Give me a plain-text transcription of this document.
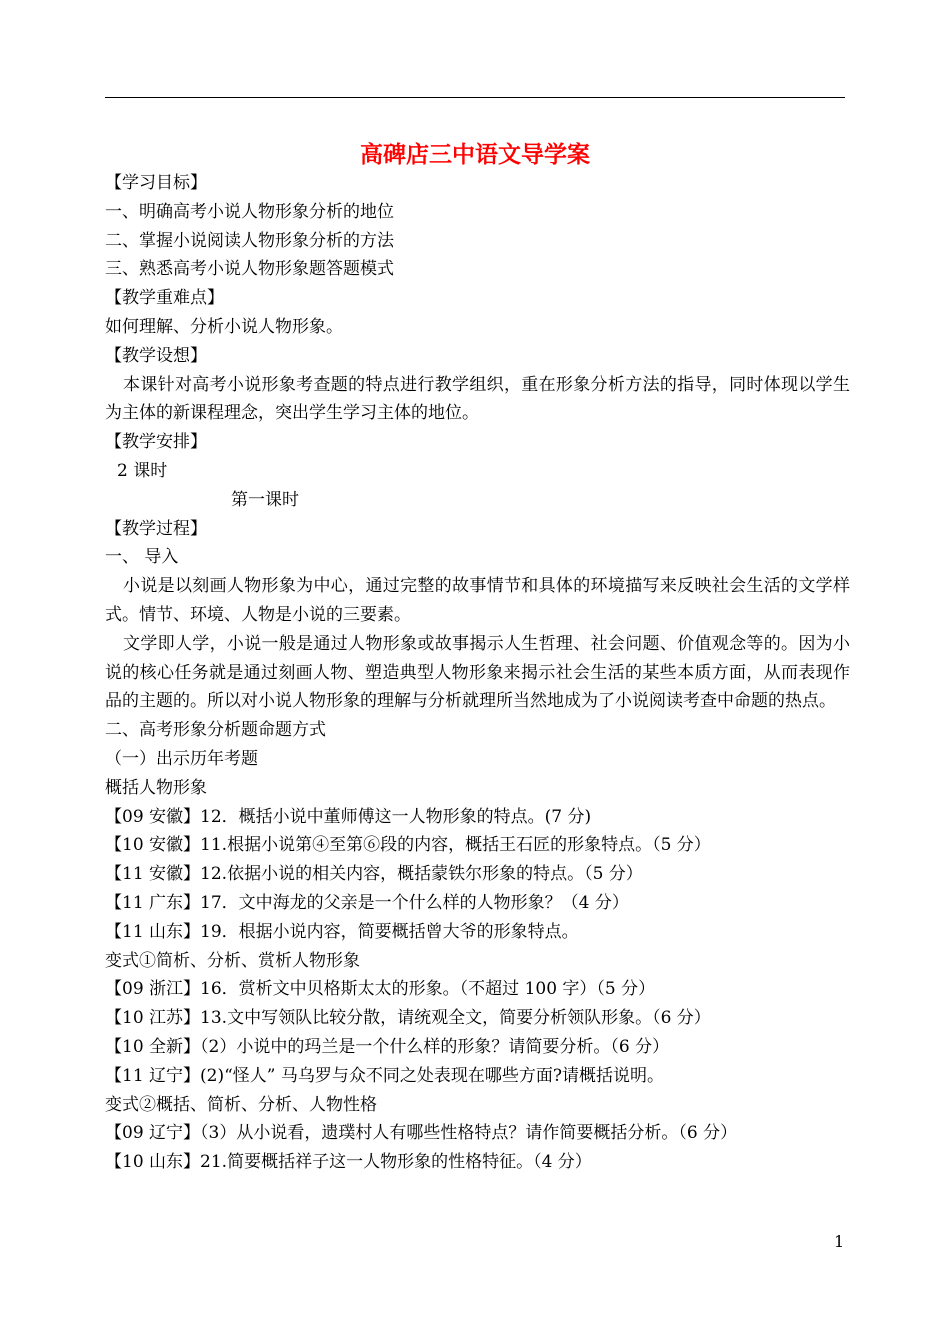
高碑店三中语文导学案
【学习目标】
一、明确高考小说人物形象分析的地位
二、掌握小说阅读人物形象分析的方法
三、熟悉高考小说人物形象题答题模式
【教学重难点】
如何理解、分析小说人物形象。
【教学设想】
本课针对高考小说形象考查题的特点进行教学组织，重在形象分析方法的指导，同时体现以学生为主体的新课程理念，突出学生学习主体的地位。
【教学安排】
2 课时
第一课时
【教学过程】
一、 导入
小说是以刻画人物形象为中心，通过完整的故事情节和具体的环境描写来反映社会生活的文学样式。情节、环境、人物是小说的三要素。
文学即人学，小说一般是通过人物形象或故事揭示人生哲理、社会问题、价值观念等的。因为小说的核心任务就是通过刻画人物、塑造典型人物形象来揭示社会生活的某些本质方面，从而表现作品的主题的。所以对小说人物形象的理解与分析就理所当然地成为了小说阅读考查中命题的热点。
二、高考形象分析题命题方式
（一）出示历年考题
概括人物形象
【09 安徽】12．概括小说中董师傅这一人物形象的特点。(7 分)
【10 安徽】11.根据小说第④至第⑥段的内容，概括王石匠的形象特点。（5 分）
【11 安徽】12.依据小说的相关内容，概括蒙铁尔形象的特点。（5 分）
【11 广东】17．文中海龙的父亲是一个什么样的人物形象？（4 分）
【11 山东】19．根据小说内容，简要概括曾大爷的形象特点。
变式①简析、分析、赏析人物形象
【09 浙江】16．赏析文中贝格斯太太的形象。（不超过 100 字）（5 分）
【10 江苏】13.文中写领队比较分散，请统观全文，简要分析领队形象。（6 分）
【10 全新】（2）小说中的玛兰是一个什么样的形象？请简要分析。（6 分）
【11 辽宁】(2)“怪人” 马乌罗与众不同之处表现在哪些方面?请概括说明。
变式②概括、简析、分析、人物性格
【09 辽宁】（3）从小说看，遗璞村人有哪些性格特点？请作简要概括分析。（6 分）
【10 山东】21.简要概括祥子这一人物形象的性格特征。（4 分）
1
